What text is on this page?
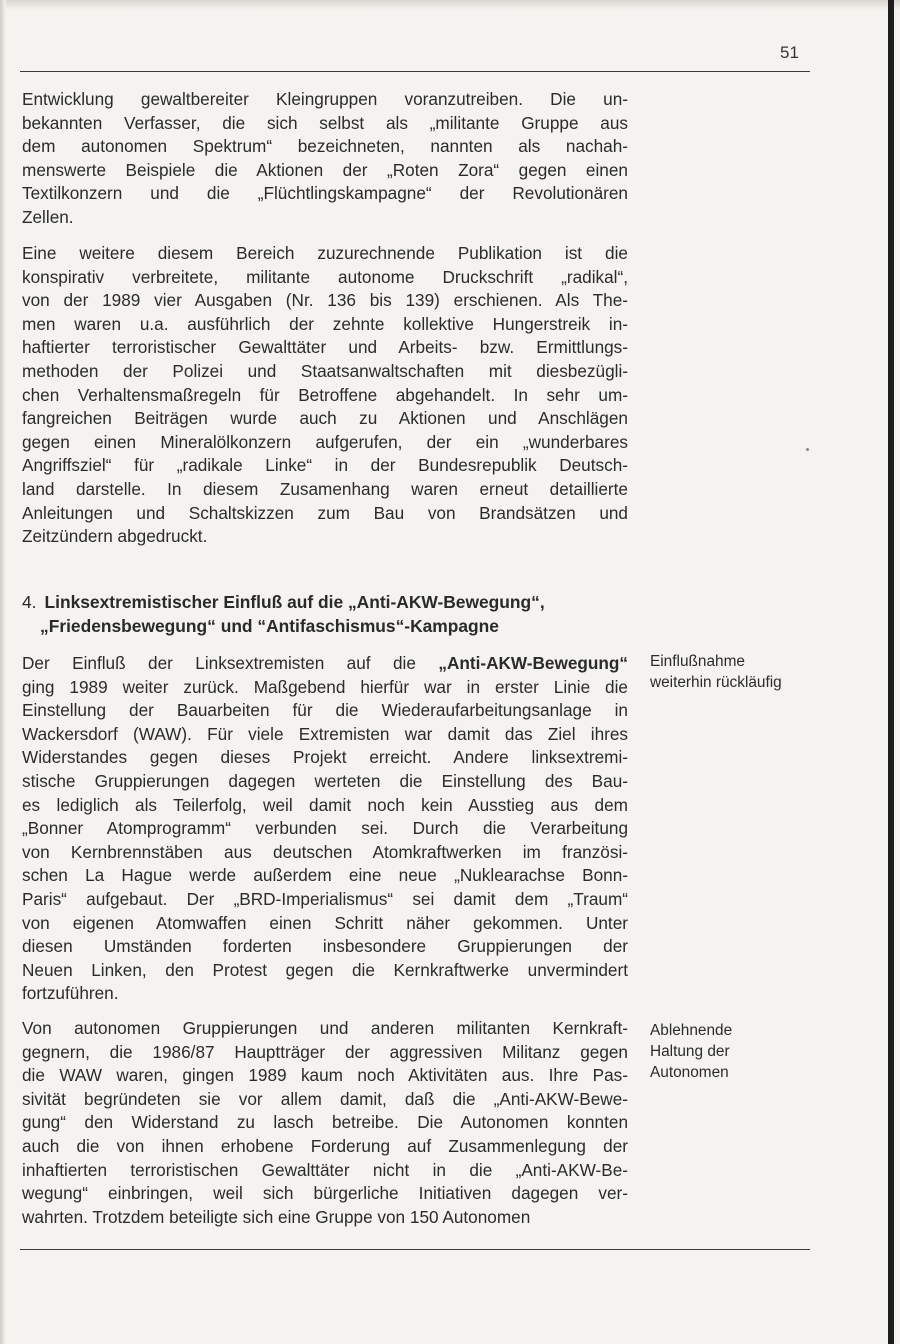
51

Entwicklung gewaltbereiter Kleingruppen voranzutreiben. Die un-
bekannten Verfasser, die sich selbst als „militante Gruppe aus
dem autonomen Spektrum“ bezeichneten, nannten als nachah-
menswerte Beispiele die Aktionen der „Roten Zora“ gegen einen
Textilkonzern und die „Flüchtlingskampagne“ der Revolutionären
Zellen.

Eine weitere diesem Bereich zuzurechnende Publikation ist die
konspirativ verbreitete, militante autonome Druckschrift „radikal“,
von der 1989 vier Ausgaben (Nr. 136 bis 139) erschienen. Als The-
men waren u.a. ausführlich der zehnte kollektive Hungerstreik in-
haftierter terroristischer Gewalttäter und Arbeits- bzw. Ermittlungs-
methoden der Polizei und Staatsanwaltschaften mit diesbezügli-
chen Verhaltensmaßregeln für Betroffene abgehandelt. In sehr um-
fangreichen Beiträgen wurde auch zu Aktionen und Anschlägen
gegen einen Mineralölkonzern aufgerufen, der ein „wunderbares
Angriffsziel“ für „radikale Linke“ in der Bundesrepublik Deutsch-
land darstelle. In diesem Zusamenhang waren erneut detaillierte
Anleitungen und Schaltskizzen zum Bau von Brandsätzen und
Zeitzündern abgedruckt.

4. Linksextremistischer Einfluß auf die „Anti-AKW-Bewegung“,
„Friedensbewegung“ und “Antifaschismus“-Kampagne

Der Einfluß der Linksextremisten auf die „Anti-AKW-Bewegung“
ging 1989 weiter zurück. Maßgebend hierfür war in erster Linie die
Einstellung der Bauarbeiten für die Wiederaufarbeitungsanlage in
Wackersdorf (WAW). Für viele Extremisten war damit das Ziel ihres
Widerstandes gegen dieses Projekt erreicht. Andere linksextremi-
stische Gruppierungen dagegen werteten die Einstellung des Bau-
es lediglich als Teilerfolg, weil damit noch kein Ausstieg aus dem
„Bonner Atomprogramm“ verbunden sei. Durch die Verarbeitung
von Kernbrennstäben aus deutschen Atomkraftwerken im französi-
schen La Hague werde außerdem eine neue „Nuklearachse Bonn-
Paris“ aufgebaut. Der „BRD-Imperialismus“ sei damit dem „Traum“
von eigenen Atomwaffen einen Schritt näher gekommen. Unter
diesen Umständen forderten insbesondere Gruppierungen der
Neuen Linken, den Protest gegen die Kernkraftwerke unvermindert
fortzuführen.

Einflußnahme
weiterhin rückläufig

Von autonomen Gruppierungen und anderen militanten Kernkraft-
gegnern, die 1986/87 Hauptträger der aggressiven Militanz gegen
die WAW waren, gingen 1989 kaum noch Aktivitäten aus. Ihre Pas-
sivität begründeten sie vor allem damit, daß die „Anti-AKW-Bewe-
gung“ den Widerstand zu lasch betreibe. Die Autonomen konnten
auch die von ihnen erhobene Forderung auf Zusammenlegung der
inhaftierten terroristischen Gewalttäter nicht in die „Anti-AKW-Be-
wegung“ einbringen, weil sich bürgerliche Initiativen dagegen ver-
wahrten. Trotzdem beteiligte sich eine Gruppe von 150 Autonomen

Ablehnende
Haltung der
Autonomen
